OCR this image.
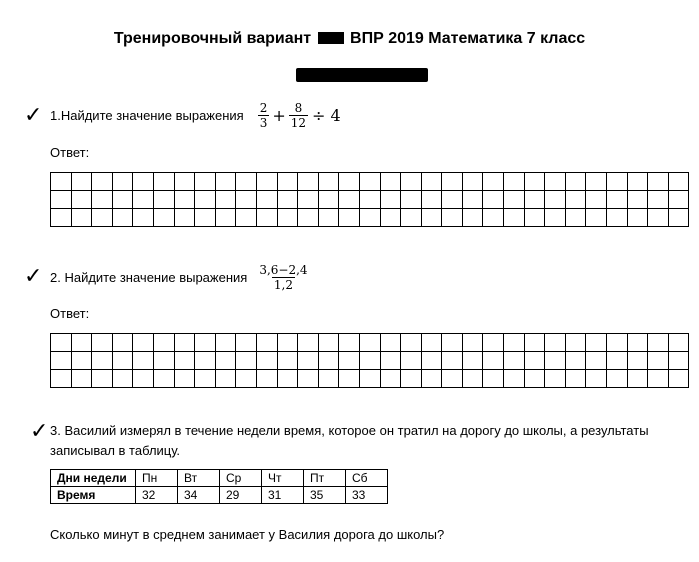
Тренировочный вариант ВПР 2019 Математика 7 класс
✓ 1.Найдите значение выражения $\frac{2}{3} + \frac{8}{12} \div 4$
Ответ:

✓ 2. Найдите значение выражения $\frac{3,6-2,4}{1,2}$
Ответ:

✓ 3. Василий измерял в течение недели время, которое он тратил на дорогу до школы, а результаты
записывал в таблицу.
Дни недели	Пн	Вт	Ср	Чт	Пт	Сб
Время	32	34	29	31	35	33
Сколько минут в среднем занимает у Василия дорога до школы?
